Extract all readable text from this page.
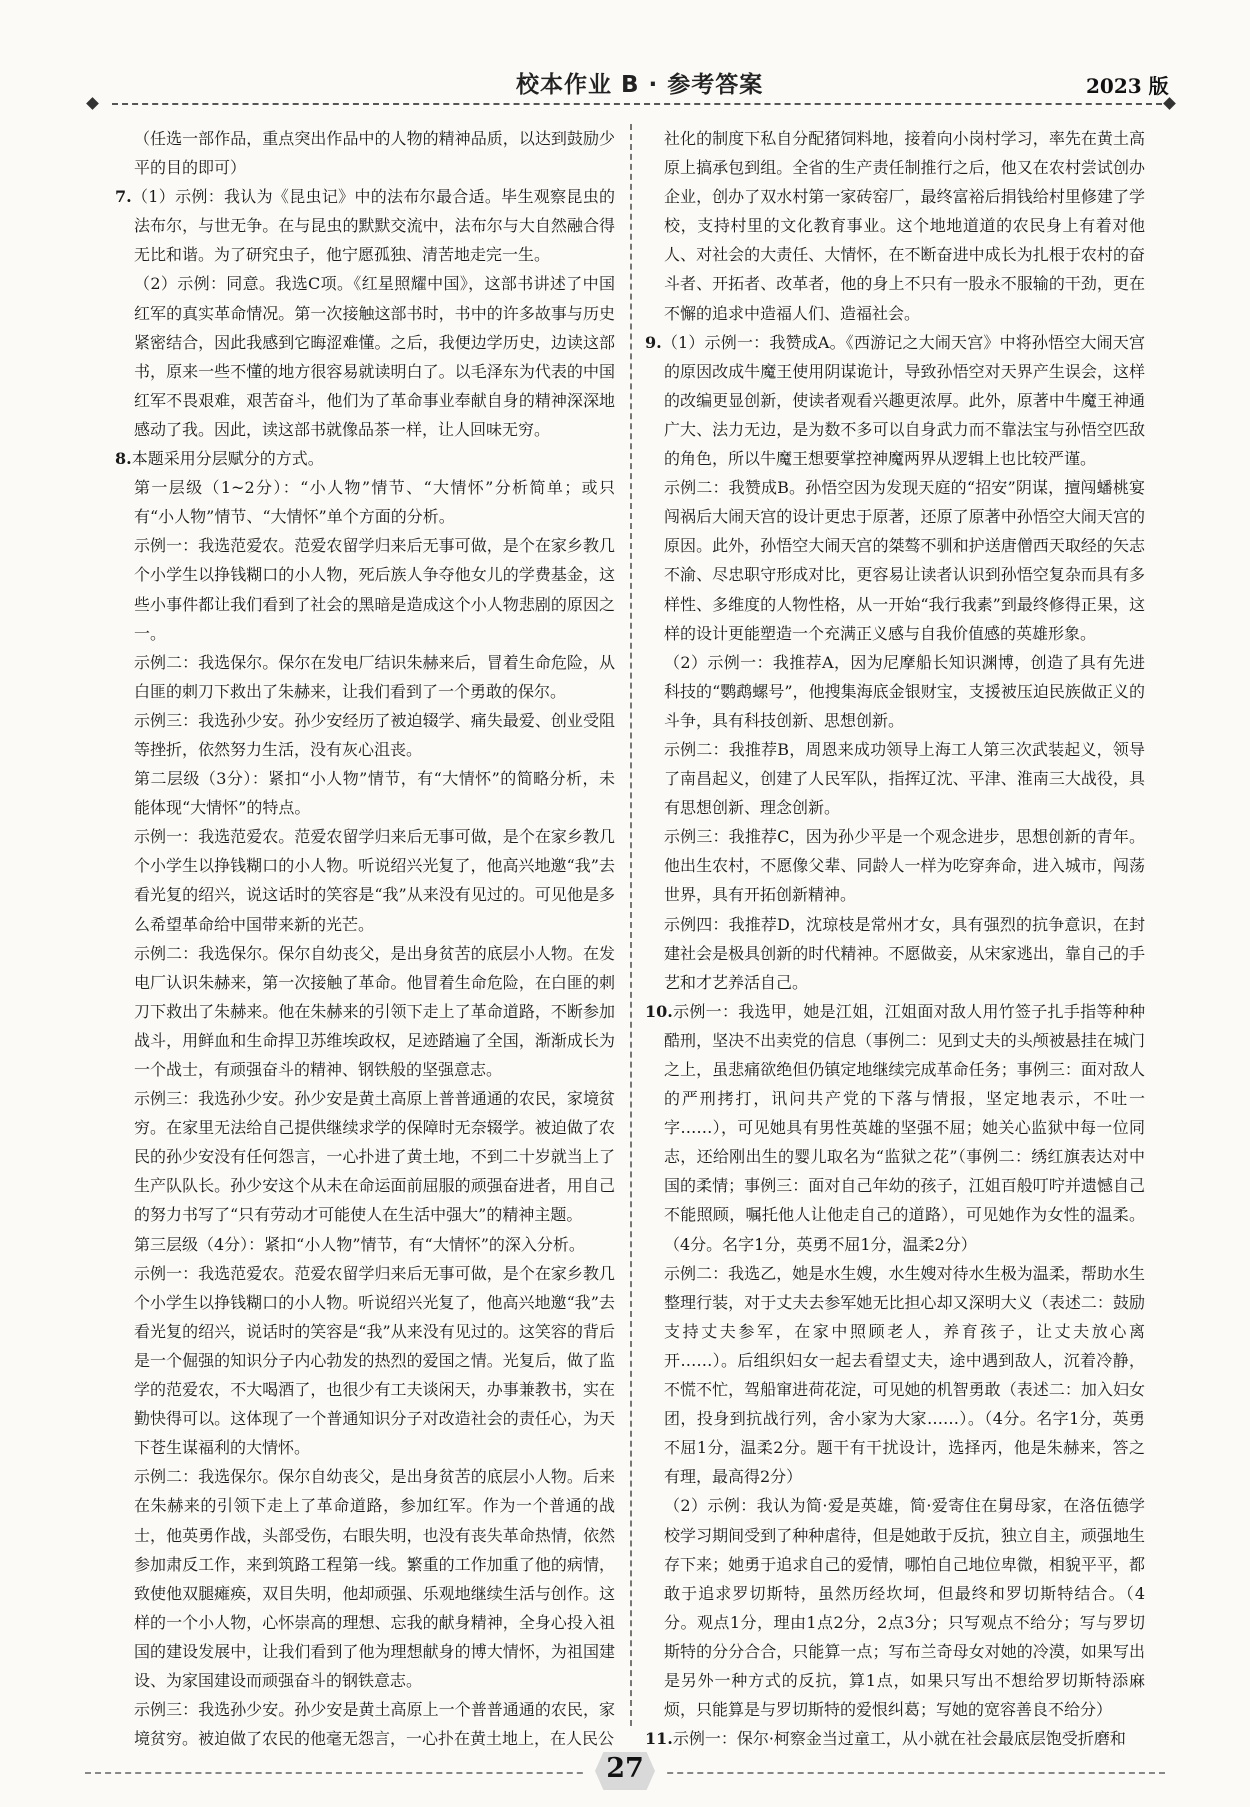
校本作业 B · 参考答案	2023 版
（任选一部作品，重点突出作品中的人物的精神品质，以达到鼓励少平的目的即可）
7.（1）示例：我认为《昆虫记》中的法布尔最合适。毕生观察昆虫的法布尔，与世无争。在与昆虫的默默交流中，法布尔与大自然融合得无比和谐。为了研究虫子，他宁愿孤独、清苦地走完一生。
（2）示例：同意。我选C项。《红星照耀中国》，这部书讲述了中国红军的真实革命情况。第一次接触这部书时，书中的许多故事与历史紧密结合，因此我感到它晦涩难懂。之后，我便边学历史，边读这部书，原来一些不懂的地方很容易就读明白了。以毛泽东为代表的中国红军不畏艰难，艰苦奋斗，他们为了革命事业奉献自身的精神深深地感动了我。因此，读这部书就像品茶一样，让人回味无穷。
8.本题采用分层赋分的方式。
第一层级（1~2分）：“小人物”情节、“大情怀”分析简单；或只有“小人物”情节、“大情怀”单个方面的分析。
示例一：我选范爱农。范爱农留学归来后无事可做，是个在家乡教几个小学生以挣钱糊口的小人物，死后族人争夺他女儿的学费基金，这些小事件都让我们看到了社会的黑暗是造成这个小人物悲剧的原因之一。
示例二：我选保尔。保尔在发电厂结识朱赫来后，冒着生命危险，从白匪的刺刀下救出了朱赫来，让我们看到了一个勇敢的保尔。
示例三：我选孙少安。孙少安经历了被迫辍学、痛失最爱、创业受阻等挫折，依然努力生活，没有灰心沮丧。
第二层级（3分）：紧扣“小人物”情节，有“大情怀”的简略分析，未能体现“大情怀”的特点。
示例一：我选范爱农。范爱农留学归来后无事可做，是个在家乡教几个小学生以挣钱糊口的小人物。听说绍兴光复了，他高兴地邀“我”去看光复的绍兴，说这话时的笑容是“我”从来没有见过的。可见他是多么希望革命给中国带来新的光芒。
示例二：我选保尔。保尔自幼丧父，是出身贫苦的底层小人物。在发电厂认识朱赫来，第一次接触了革命。他冒着生命危险，在白匪的刺刀下救出了朱赫来。他在朱赫来的引领下走上了革命道路，不断参加战斗，用鲜血和生命捍卫苏维埃政权，足迹踏遍了全国，渐渐成长为一个战士，有顽强奋斗的精神、钢铁般的坚强意志。
示例三：我选孙少安。孙少安是黄土高原上普普通通的农民，家境贫穷。在家里无法给自己提供继续求学的保障时无奈辍学。被迫做了农民的孙少安没有任何怨言，一心扑进了黄土地，不到二十岁就当上了生产队队长。孙少安这个从未在命运面前屈服的顽强奋进者，用自己的努力书写了“只有劳动才可能使人在生活中强大”的精神主题。
第三层级（4分）：紧扣“小人物”情节，有“大情怀”的深入分析。
示例一：我选范爱农。范爱农留学归来后无事可做，是个在家乡教几个小学生以挣钱糊口的小人物。听说绍兴光复了，他高兴地邀“我”去看光复的绍兴，说话时的笑容是“我”从来没有见过的。这笑容的背后是一个倔强的知识分子内心勃发的热烈的爱国之情。光复后，做了监学的范爱农，不大喝酒了，也很少有工夫谈闲天，办事兼教书，实在勤快得可以。这体现了一个普通知识分子对改造社会的责任心，为天下苍生谋福利的大情怀。
示例二：我选保尔。保尔自幼丧父，是出身贫苦的底层小人物。后来在朱赫来的引领下走上了革命道路，参加红军。作为一个普通的战士，他英勇作战，头部受伤，右眼失明，也没有丧失革命热情，依然参加肃反工作，来到筑路工程第一线。繁重的工作加重了他的病情，致使他双腿瘫痪，双目失明，他却顽强、乐观地继续生活与创作。这样的一个小人物，心怀崇高的理想、忘我的献身精神，全身心投入祖国的建设发展中，让我们看到了他为理想献身的博大情怀，为祖国建设、为家国建设而顽强奋斗的钢铁意志。
示例三：我选孙少安。孙少安是黄土高原上一个普普通通的农民，家境贫穷。被迫做了农民的他毫无怨言，一心扑在黄土地上，在人民公
社化的制度下私自分配猪饲料地，接着向小岗村学习，率先在黄土高原上搞承包到组。全省的生产责任制推行之后，他又在农村尝试创办企业，创办了双水村第一家砖窑厂，最终富裕后捐钱给村里修建了学校，支持村里的文化教育事业。这个地地道道的农民身上有着对他人、对社会的大责任、大情怀，在不断奋进中成长为扎根于农村的奋斗者、开拓者、改革者，他的身上不只有一股永不服输的干劲，更在不懈的追求中造福人们、造福社会。
9.（1）示例一：我赞成A。《西游记之大闹天宫》中将孙悟空大闹天宫的原因改成牛魔王使用阴谋诡计，导致孙悟空对天界产生误会，这样的改编更显创新，使读者观看兴趣更浓厚。此外，原著中牛魔王神通广大、法力无边，是为数不多可以自身武力而不靠法宝与孙悟空匹敌的角色，所以牛魔王想要掌控神魔两界从逻辑上也比较严谨。
示例二：我赞成B。孙悟空因为发现天庭的“招安”阴谋，擅闯蟠桃宴闯祸后大闹天宫的设计更忠于原著，还原了原著中孙悟空大闹天宫的原因。此外，孙悟空大闹天宫的桀骜不驯和护送唐僧西天取经的矢志不渝、尽忠职守形成对比，更容易让读者认识到孙悟空复杂而具有多样性、多维度的人物性格，从一开始“我行我素”到最终修得正果，这样的设计更能塑造一个充满正义感与自我价值感的英雄形象。
（2）示例一：我推荐A，因为尼摩船长知识渊博，创造了具有先进科技的“鹦鹉螺号”，他搜集海底金银财宝，支援被压迫民族做正义的斗争，具有科技创新、思想创新。
示例二：我推荐B，周恩来成功领导上海工人第三次武装起义，领导了南昌起义，创建了人民军队，指挥辽沈、平津、淮南三大战役，具有思想创新、理念创新。
示例三：我推荐C，因为孙少平是一个观念进步，思想创新的青年。他出生农村，不愿像父辈、同龄人一样为吃穿奔命，进入城市，闯荡世界，具有开拓创新精神。
示例四：我推荐D，沈琼枝是常州才女，具有强烈的抗争意识，在封建社会是极具创新的时代精神。不愿做妾，从宋家逃出，靠自己的手艺和才艺养活自己。
10.示例一：我选甲，她是江姐，江姐面对敌人用竹签子扎手指等种种酷刑，坚决不出卖党的信息（事例二：见到丈夫的头颅被悬挂在城门之上，虽悲痛欲绝但仍镇定地继续完成革命任务；事例三：面对敌人的严刑拷打，讯问共产党的下落与情报，坚定地表示，不吐一字……），可见她具有男性英雄的坚强不屈；她关心监狱中每一位同志，还给刚出生的婴儿取名为“监狱之花”（事例二：绣红旗表达对中国的柔情；事例三：面对自己年幼的孩子，江姐百般叮咛并遗憾自己不能照顾，嘱托他人让他走自己的道路），可见她作为女性的温柔。（4分。名字1分，英勇不屈1分，温柔2分）
示例二：我选乙，她是水生嫂，水生嫂对待水生极为温柔，帮助水生整理行装，对于丈夫去参军她无比担心却又深明大义（表述二：鼓励支持丈夫参军，在家中照顾老人，养育孩子，让丈夫放心离开……）。后组织妇女一起去看望丈夫，途中遇到敌人，沉着冷静，不慌不忙，驾船窜进荷花淀，可见她的机智勇敢（表述二：加入妇女团，投身到抗战行列，舍小家为大家……）。（4分。名字1分，英勇不屈1分，温柔2分。题干有干扰设计，选择丙，他是朱赫来，答之有理，最高得2分）
（2）示例：我认为简·爱是英雄，简·爱寄住在舅母家，在洛伍德学校学习期间受到了种种虐待，但是她敢于反抗，独立自主，顽强地生存下来；她勇于追求自己的爱情，哪怕自己地位卑微，相貌平平，都敢于追求罗切斯特，虽然历经坎坷，但最终和罗切斯特结合。（4分。观点1分，理由1点2分，2点3分；只写观点不给分；写与罗切斯特的分分合合，只能算一点；写布兰奇母女对她的冷漠，如果写出是另外一种方式的反抗，算1点，如果只写出不想给罗切斯特添麻烦，只能算是与罗切斯特的爱恨纠葛；写她的宽容善良不给分）
11.示例一：保尔·柯察金当过童工，从小就在社会最底层饱受折磨和
27
